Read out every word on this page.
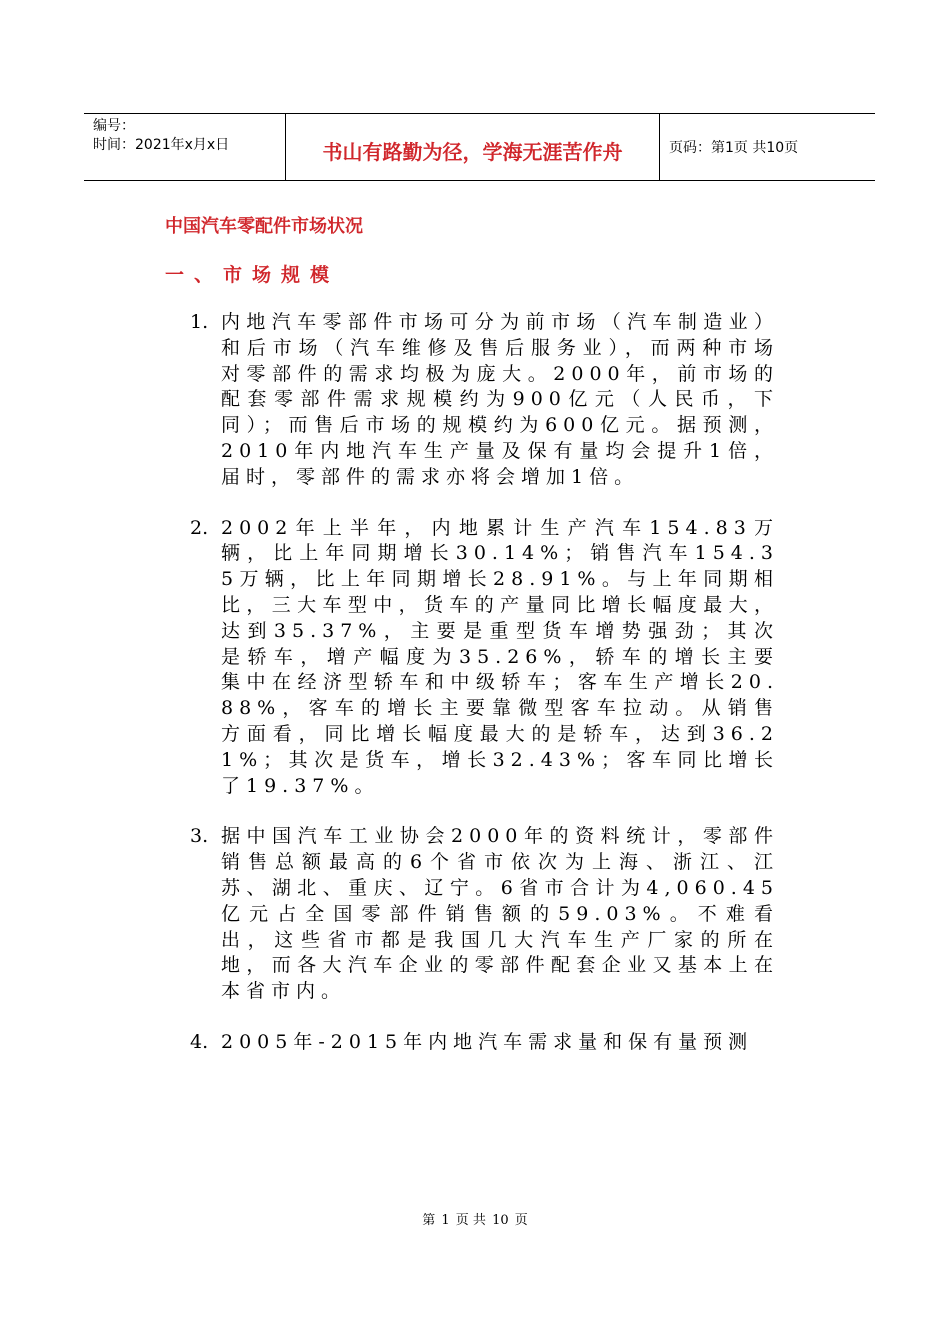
编号：
时间：2021年x月x日	书山有路勤为径，学海无涯苦作舟	页码：第1页 共10页
中国汽车零配件市场状况
一、市场规模
1. 内地汽车零部件市场可分为前市场（汽车制造业）和后市场（汽车维修及售后服务业），而两种市场对零部件的需求均极为庞大。2000年，前市场的配套零部件需求规模约为900亿元（人民币，下同）；而售后市场的规模约为600亿元。据预测，2010年内地汽车生产量及保有量均会提升1倍，届时，零部件的需求亦将会增加1倍。
2. 2002年上半年，内地累计生产汽车154.83万辆，比上年同期增长30.14%；销售汽车154.35万辆，比上年同期增长28.91%。与上年同期相比，三大车型中，货车的产量同比增长幅度最大，达到35.37%，主要是重型货车增势强劲；其次是轿车，增产幅度为35.26%，轿车的增长主要集中在经济型轿车和中级轿车；客车生产增长20.88%，客车的增长主要靠微型客车拉动。从销售方面看，同比增长幅度最大的是轿车，达到36.21%；其次是货车，增长32.43%；客车同比增长了19.37%。
3. 据中国汽车工业协会2000年的资料统计，零部件销售总额最高的6个省市依次为上海、浙江、江苏、湖北、重庆、辽宁。6省市合计为4,060.45亿元占全国零部件销售额的59.03%。不难看出，这些省市都是我国几大汽车生产厂家的所在地，而各大汽车企业的零部件配套企业又基本上在本省市内。
4. 2005年-2015年内地汽车需求量和保有量预测
第 1 页 共 10 页
